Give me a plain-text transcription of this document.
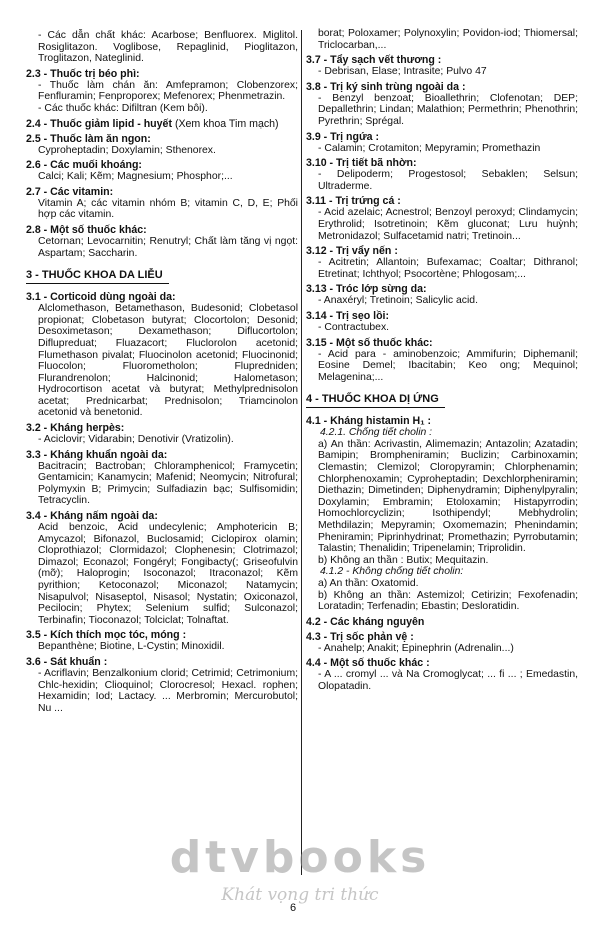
- Các dẫn chất khác: Acarbose; Benfluorex. Miglitol. Rosiglitazon. Voglibose, Repaglinid, Pioglitazon, Troglitazon, Nateglinid.

2.3 - Thuốc trị béo phì:

- Thuốc làm chán ăn: Amfepramon; Clobenzorex; Fenfluramin; Fenproporex; Mefenorex; Phenmetrazin.

- Các thuốc khác: Difiltran (Kem bôi).

2.4 - Thuốc giảm lipid - huyết (Xem khoa Tim mạch)
2.5 - Thuốc làm ăn ngon:

Cyproheptadin; Doxylamin; Sthenorex.

2.6 - Các muối khoáng:

Calci; Kali; Kẽm; Magnesium; Phosphor;...

2.7 - Các vitamin:

Vitamin A; các vitamin nhóm B; vitamin C, D, E; Phối hợp các vitamin.

2.8 - Một số thuốc khác:

Cetornan; Levocarnitin; Renutryl; Chất làm tăng vị ngọt: Aspartam; Saccharin.

3 - THUỐC KHOA DA LIỄU
3.1 - Corticoid dùng ngoài da:

Alclomethason, Betamethason, Budesonid; Clobetasol propionat; Clobetason butyrat; Clocortolon; Desonid; Desoximetason; Dexamethason; Diflucortolon; Diflupreduat; Fluazacort; Fluclorolon acetonid; Flumethason pivalat; Fluocinolon acetonid; Fluocinonid; Fluocolon; Fluorometholon; Flupredniden; Flurandrenolon; Halcinonid; Halometason; Hydrocortison acetat và butyrat; Methylprednisolon acetat; Prednicarbat; Prednisolon; Triamcinolon acetonid và benetonid.

3.2 - Kháng herpès:

- Aciclovir; Vidarabin; Denotivir (Vratizolin).

3.3 - Kháng khuẩn ngoài da:

Bacitracin; Bactroban; Chloramphenicol; Framycetin; Gentamicin; Kanamycin; Mafenid; Neomycin; Nitrofural; Polymyxin B; Primycin; Sulfadiazin bạc; Sulfisomidin; Tetracyclin.

3.4 - Kháng nấm ngoài da:

Acid benzoic, Acid undecylenic; Amphotericin B; Amycazol; Bifonazol, Buclosamid; Ciclopirox olamin; Cloprothiazol; Clormidazol; Clophenesin; Clotrimazol; Dimazol; Econazol; Fongéryl; Fongibacty(; Griseofulvin (mỡ); Haloprogin; Isoconazol; Itraconazol; Kẽm pyrithion; Ketoconazol; Miconazol; Natamycin; Nisapulvol; Nisaseptol, Nisasol; Nystatin; Oxiconazol, Pecilocin; Phytex; Selenium sulfid; Sulconazol; Terbinafin; Tioconazol; Tolciclat; Tolnaftat.

3.5 - Kích thích mọc tóc, móng :

Bepanthène; Biotine, L-Cystin; Minoxidil.

3.6 - Sát khuẩn :

- Acriflavin; Benzalkonium clorid; Cetrimid; Cetrimonium; Chlc-hexidin; Clioquinol; Clorocresol; Hexacl. rophen; Hexamidin; Iod; Lactacy. ... Merbromin; Mercurobutol; Nu ...

borat; Poloxamer; Polynoxylin; Povidon-iod; Thiomersal; Triclocarban,...

3.7 - Tẩy sạch vết thương :

- Debrisan, Elase; Intrasite; Pulvo 47

3.8 - Trị ký sinh trùng ngoài da :

- Benzyl benzoat; Bioallethrin; Clofenotan; DEP; Depallethrin; Lindan; Malathion; Permethrin; Phenothrin; Pyrethrin; Sprégal.

3.9 - Trị ngứa :

- Calamin; Crotamiton; Mepyramin; Promethazin

3.10 - Trị tiết bã nhờn:

- Delipoderm; Progestosol; Sebaklen; Selsun; Ultraderme.

3.11 - Trị trứng cá :

- Acid azelaic; Acnestrol; Benzoyl peroxyd; Clindamycin; Erythrolid; Isotretinoin; Kẽm gluconat; Lưu huỳnh; Metronidazol; Sulfacetamid natri; Tretinoin...

3.12 - Trị vẩy nến :

- Acitretin; Allantoin; Bufexamac; Coaltar; Dithranol; Etretinat; Ichthyol; Psocortène; Phlogosam;...

3.13 - Tróc lớp sừng da:

- Anaxéryl; Tretinoin; Salicylic acid.

3.14 - Trị sẹo lồi:

- Contractubex.

3.15 - Một số thuốc khác:

- Acid para - aminobenzoic; Ammifurin; Diphemanil; Eosine Demel; Ibacitabin; Keo ong; Mequinol; Melagenina;...

4 - THUỐC KHOA DỊ ỨNG
4.1 - Kháng histamin H₁ :
4.2.1. Chống tiết cholin :

a) An thần: Acrivastin, Alimemazin; Antazolin; Azatadin; Bamipin; Brompheniramin; Buclizin; Carbinoxamin; Clemastin; Clemizol; Cloropyramin; Chlorphenamin; Chlorphenoxamin; Cyproheptadin; Dexchlorpheniramin; Diethazin; Dimetinden; Diphenydramin; Diphenylpyralin; Doxylamin; Embramin; Etoloxamin; Histapyrrodin; Homochlorcyclizin; Isothipendyl; Mebhydrolin; Methdilazin; Mepyramin; Oxomemazin; Phenindamin; Pheniramin; Piprinhydrinat; Promethazin; Pyrrobutamin; Talastin; Thenalidin; Tripenelamin; Triprolidin.

b) Không an thần : Butix; Mequitazin.

4.1.2 - Không chống tiết cholin:

a) An thần: Oxatomid.

b) Không an thần: Astemizol; Cetirizin; Fexofenadin; Loratadin; Terfenadin; Ebastin; Desloratidin.

4.2 - Các kháng nguyên
4.3 - Trị sốc phản vệ :

- Anahelp; Anakit; Epinephrin (Adrenalin...)

4.4 - Một số thuốc khác :

- A ... cromyl ... và Na Cromoglycat; ... fi ... ; Emedastin, Olopatadin.

dtvbooks
Khát vọng tri thức
6
